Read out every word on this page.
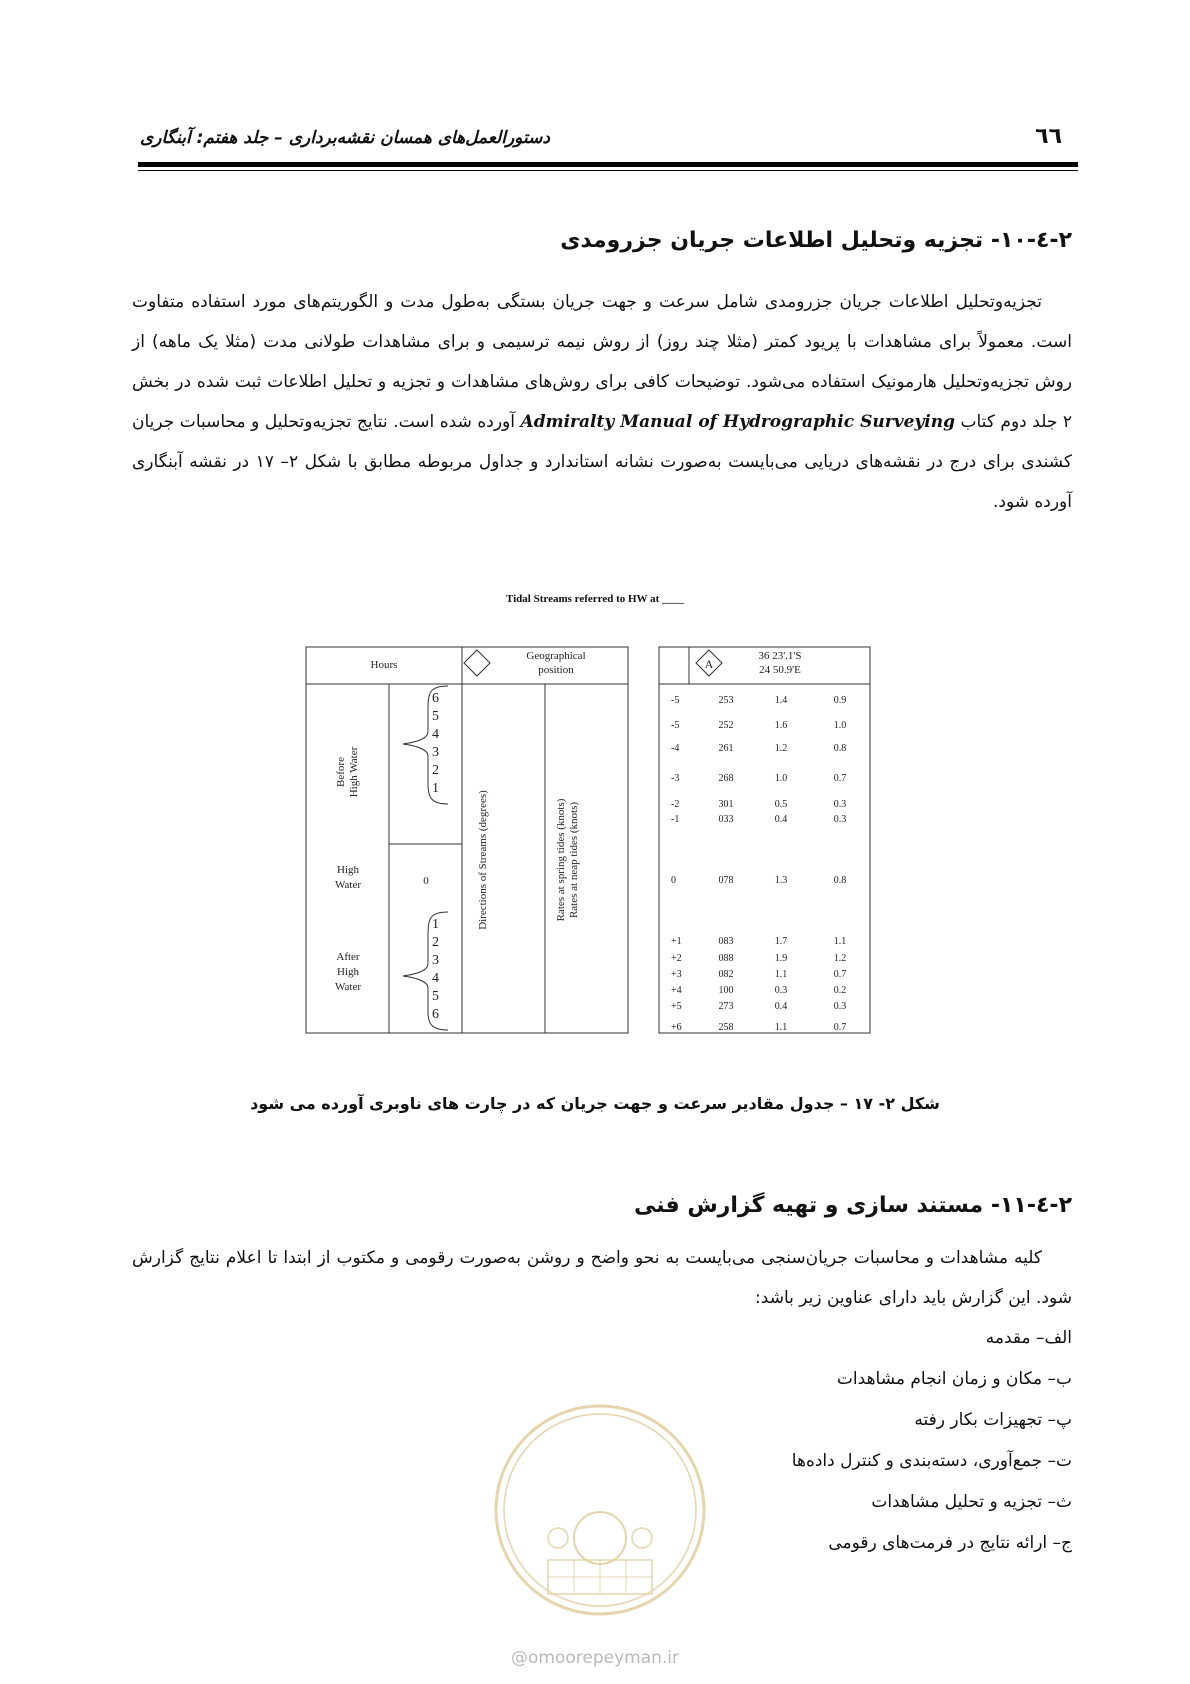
دستورالعمل‌های همسان نقشه‌برداری – جلد هفتم: آبنگاری	٦٦
۲-٤-۱۰- تجزیه وتحلیل اطلاعات جریان جزرومدی
تجزیه‌وتحلیل اطلاعات جریان جزرومدی شامل سرعت و جهت جریان بستگی به‌طول مدت و الگوریتم‌های مورد استفاده متفاوت است. معمولاً برای مشاهدات با پریود کمتر (مثلا چند روز) از روش نیمه ترسیمی و برای مشاهدات طولانی مدت (مثلا یک ماهه) از روش تجزیه‌وتحلیل هارمونیک استفاده می‌شود. توضیحات کافی برای روش‌های مشاهدات و تجزیه و تحلیل اطلاعات ثبت شده در بخش ۲ جلد دوم کتاب Admiralty Manual of Hydrographic Surveying آورده شده است. نتایج تجزیه‌وتحلیل و محاسبات جریان کشندی برای درج در نقشه‌های دریایی می‌بایست به‌صورت نشانه استاندارد و جداول مربوطه مطابق با شکل ۲– ۱۷ در نقشه آبنگاری آورده شود.
Tidal Streams referred to HW at ____
Hours
Geographical
position	A
36 23'.1'S
24 50.9'E
Before High Water
High
Water	0
After
High
Water
Directions of Streams (degrees)	Rates at spring tides (knots) Rates at neap tides (knots)
6
5
4
3
2
1
1
2
3
4
5
6
-5	253	1.4	0.9
-5	252	1.6	1.0
-4	261	1.2	0.8
-3	268	1.0	0.7
-2	301	0.5	0.3
-1	033	0.4	0.3
0	078	1.3	0.8
+1	083	1.7	1.1
+2	088	1.9	1.2
+3	082	1.1	0.7
+4	100	0.3	0.2
+5	273	0.4	0.3
+6	258	1.1	0.7
شکل ۲- ۱۷ – جدول مقادیر سرعت و جهت جریان که در چارت های ناوبری آورده می شود
۲-٤-۱۱- مستند سازی و تهیه گزارش فنی
کلیه مشاهدات و محاسبات جریان‌سنجی می‌بایست به نحو واضح و روشن به‌صورت رقومی و مکتوب از ابتدا تا اعلام نتایج گزارش شود. این گزارش باید دارای عناوین زیر باشد:
الف– مقدمه
ب– مکان و زمان انجام مشاهدات
پ– تجهیزات بکار رفته
ت– جمع‌آوری، دسته‌بندی و کنترل داده‌ها
ث– تجزیه و تحلیل مشاهدات
ج– ارائه نتایج در فرمت‌های رقومی
@omoorepeyman.ir
